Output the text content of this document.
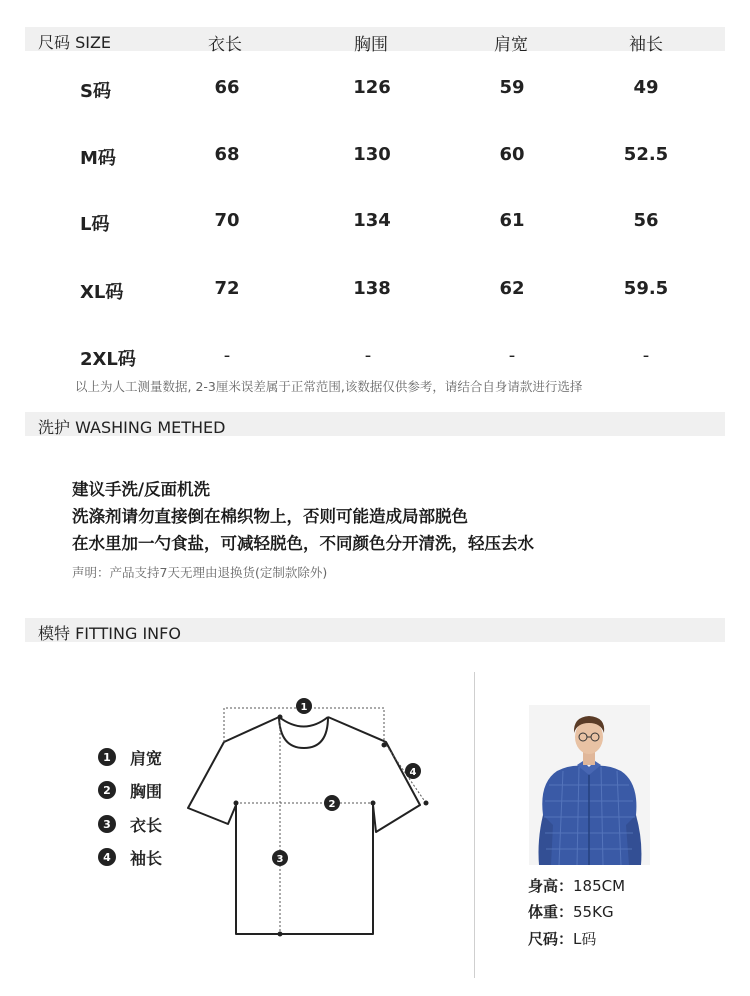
尺码 SIZE	衣长	胸围	肩宽	袖长
S码	66	126	59	49
M码	68	130	60	52.5
L码	70	134	61	56
XL码	72	138	62	59.5
2XL码	-	-	-	-
以上为人工测量数据, 2-3厘米误差属于正常范围,该数据仅供参考，请结合自身请款进行选择
洗护 WASHING METHED
建议手洗/反面机洗
洗涤剂请勿直接倒在棉织物上，否则可能造成局部脱色
在水里加一勺食盐，可减轻脱色，不同颜色分开清洗，轻压去水
声明：产品支持7天无理由退换货(定制款除外)
模特 FITTING INFO
1	肩宽
2	胸围
3	衣长
4	袖长
1
2
3
4
身高：185CM
体重：55KG
尺码：L码
